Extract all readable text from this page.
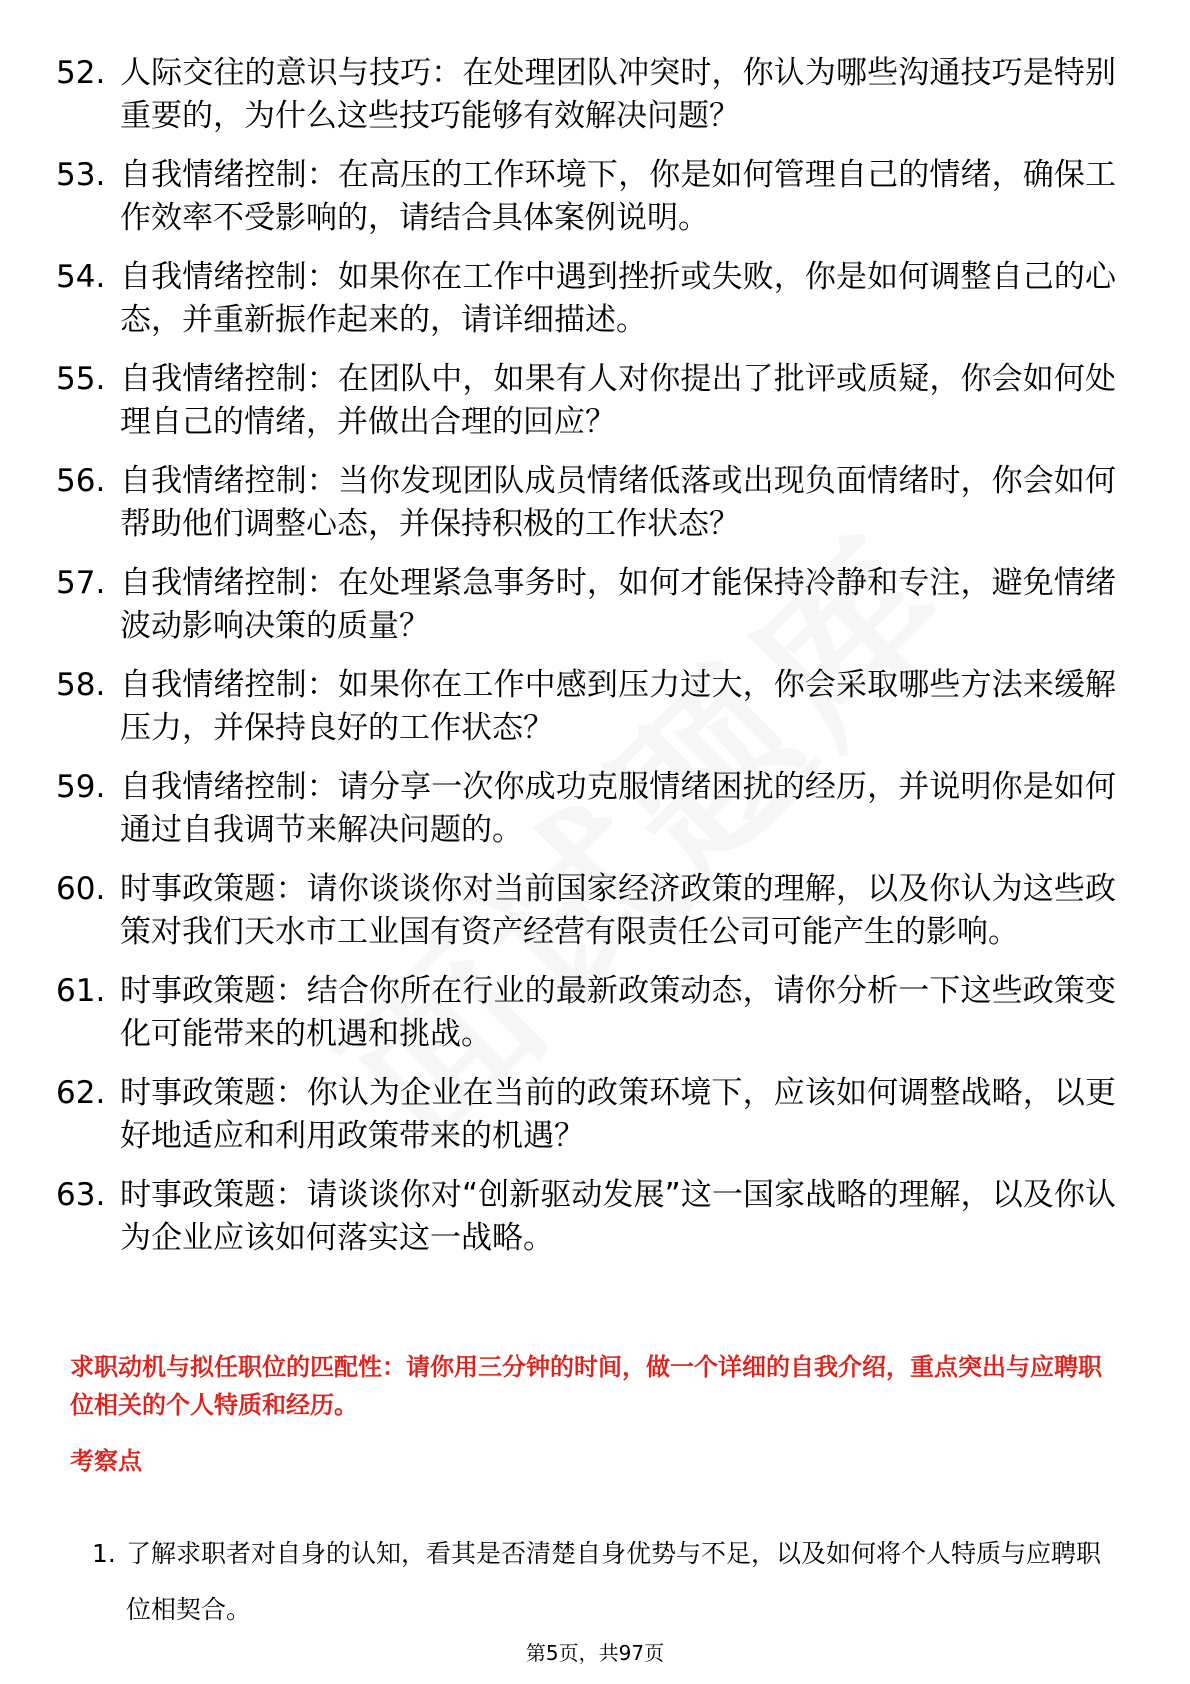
52. 人际交往的意识与技巧：在处理团队冲突时，你认为哪些沟通技巧是特别重要的，为什么这些技巧能够有效解决问题？
53. 自我情绪控制：在高压的工作环境下，你是如何管理自己的情绪，确保工作效率不受影响的，请结合具体案例说明。
54. 自我情绪控制：如果你在工作中遇到挫折或失败，你是如何调整自己的心态，并重新振作起来的，请详细描述。
55. 自我情绪控制：在团队中，如果有人对你提出了批评或质疑，你会如何处理自己的情绪，并做出合理的回应？
56. 自我情绪控制：当你发现团队成员情绪低落或出现负面情绪时，你会如何帮助他们调整心态，并保持积极的工作状态？
57. 自我情绪控制：在处理紧急事务时，如何才能保持冷静和专注，避免情绪波动影响决策的质量？
58. 自我情绪控制：如果你在工作中感到压力过大，你会采取哪些方法来缓解压力，并保持良好的工作状态？
59. 自我情绪控制：请分享一次你成功克服情绪困扰的经历，并说明你是如何通过自我调节来解决问题的。
60. 时事政策题：请你谈谈你对当前国家经济政策的理解，以及你认为这些政策对我们天水市工业国有资产经营有限责任公司可能产生的影响。
61. 时事政策题：结合你所在行业的最新政策动态，请你分析一下这些政策变化可能带来的机遇和挑战。
62. 时事政策题：你认为企业在当前的政策环境下，应该如何调整战略，以更好地适应和利用政策带来的机遇？
63. 时事政策题：请谈谈你对“创新驱动发展”这一国家战略的理解，以及你认为企业应该如何落实这一战略。

求职动机与拟任职位的匹配性：请你用三分钟的时间，做一个详细的自我介绍，重点突出与应聘职位相关的个人特质和经历。

考察点

1. 了解求职者对自身的认知，看其是否清楚自身优势与不足，以及如何将个人特质与应聘职位相契合。
第5页，共97页
